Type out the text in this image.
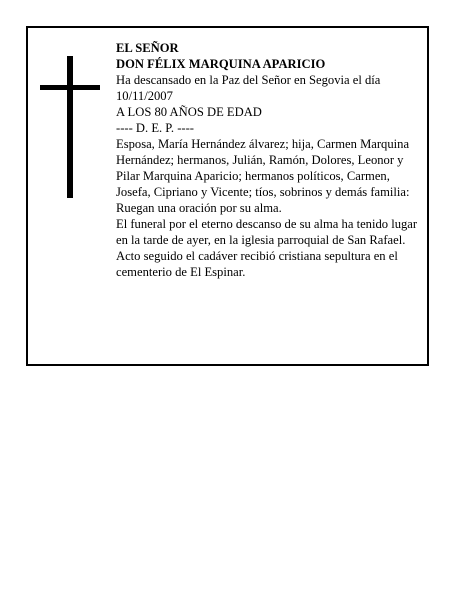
EL SEÑOR

DON FÉLIX MARQUINA APARICIO

Ha descansado en la Paz del Señor en Segovia el día 10/11/2007

A LOS 80 AÑOS DE EDAD

---- D. E. P. ----

Esposa, María Hernández álvarez; hija, Carmen Marquina Hernández; hermanos, Julián, Ramón, Dolores, Leonor y Pilar Marquina Aparicio; hermanos políticos, Carmen, Josefa, Cipriano y Vicente; tíos, sobrinos y demás familia:

Ruegan una oración por su alma.

El funeral por el eterno descanso de su alma ha tenido lugar en la tarde de ayer, en la iglesia parroquial de San Rafael. Acto seguido el cadáver recibió cristiana sepultura en el cementerio de El Espinar.
